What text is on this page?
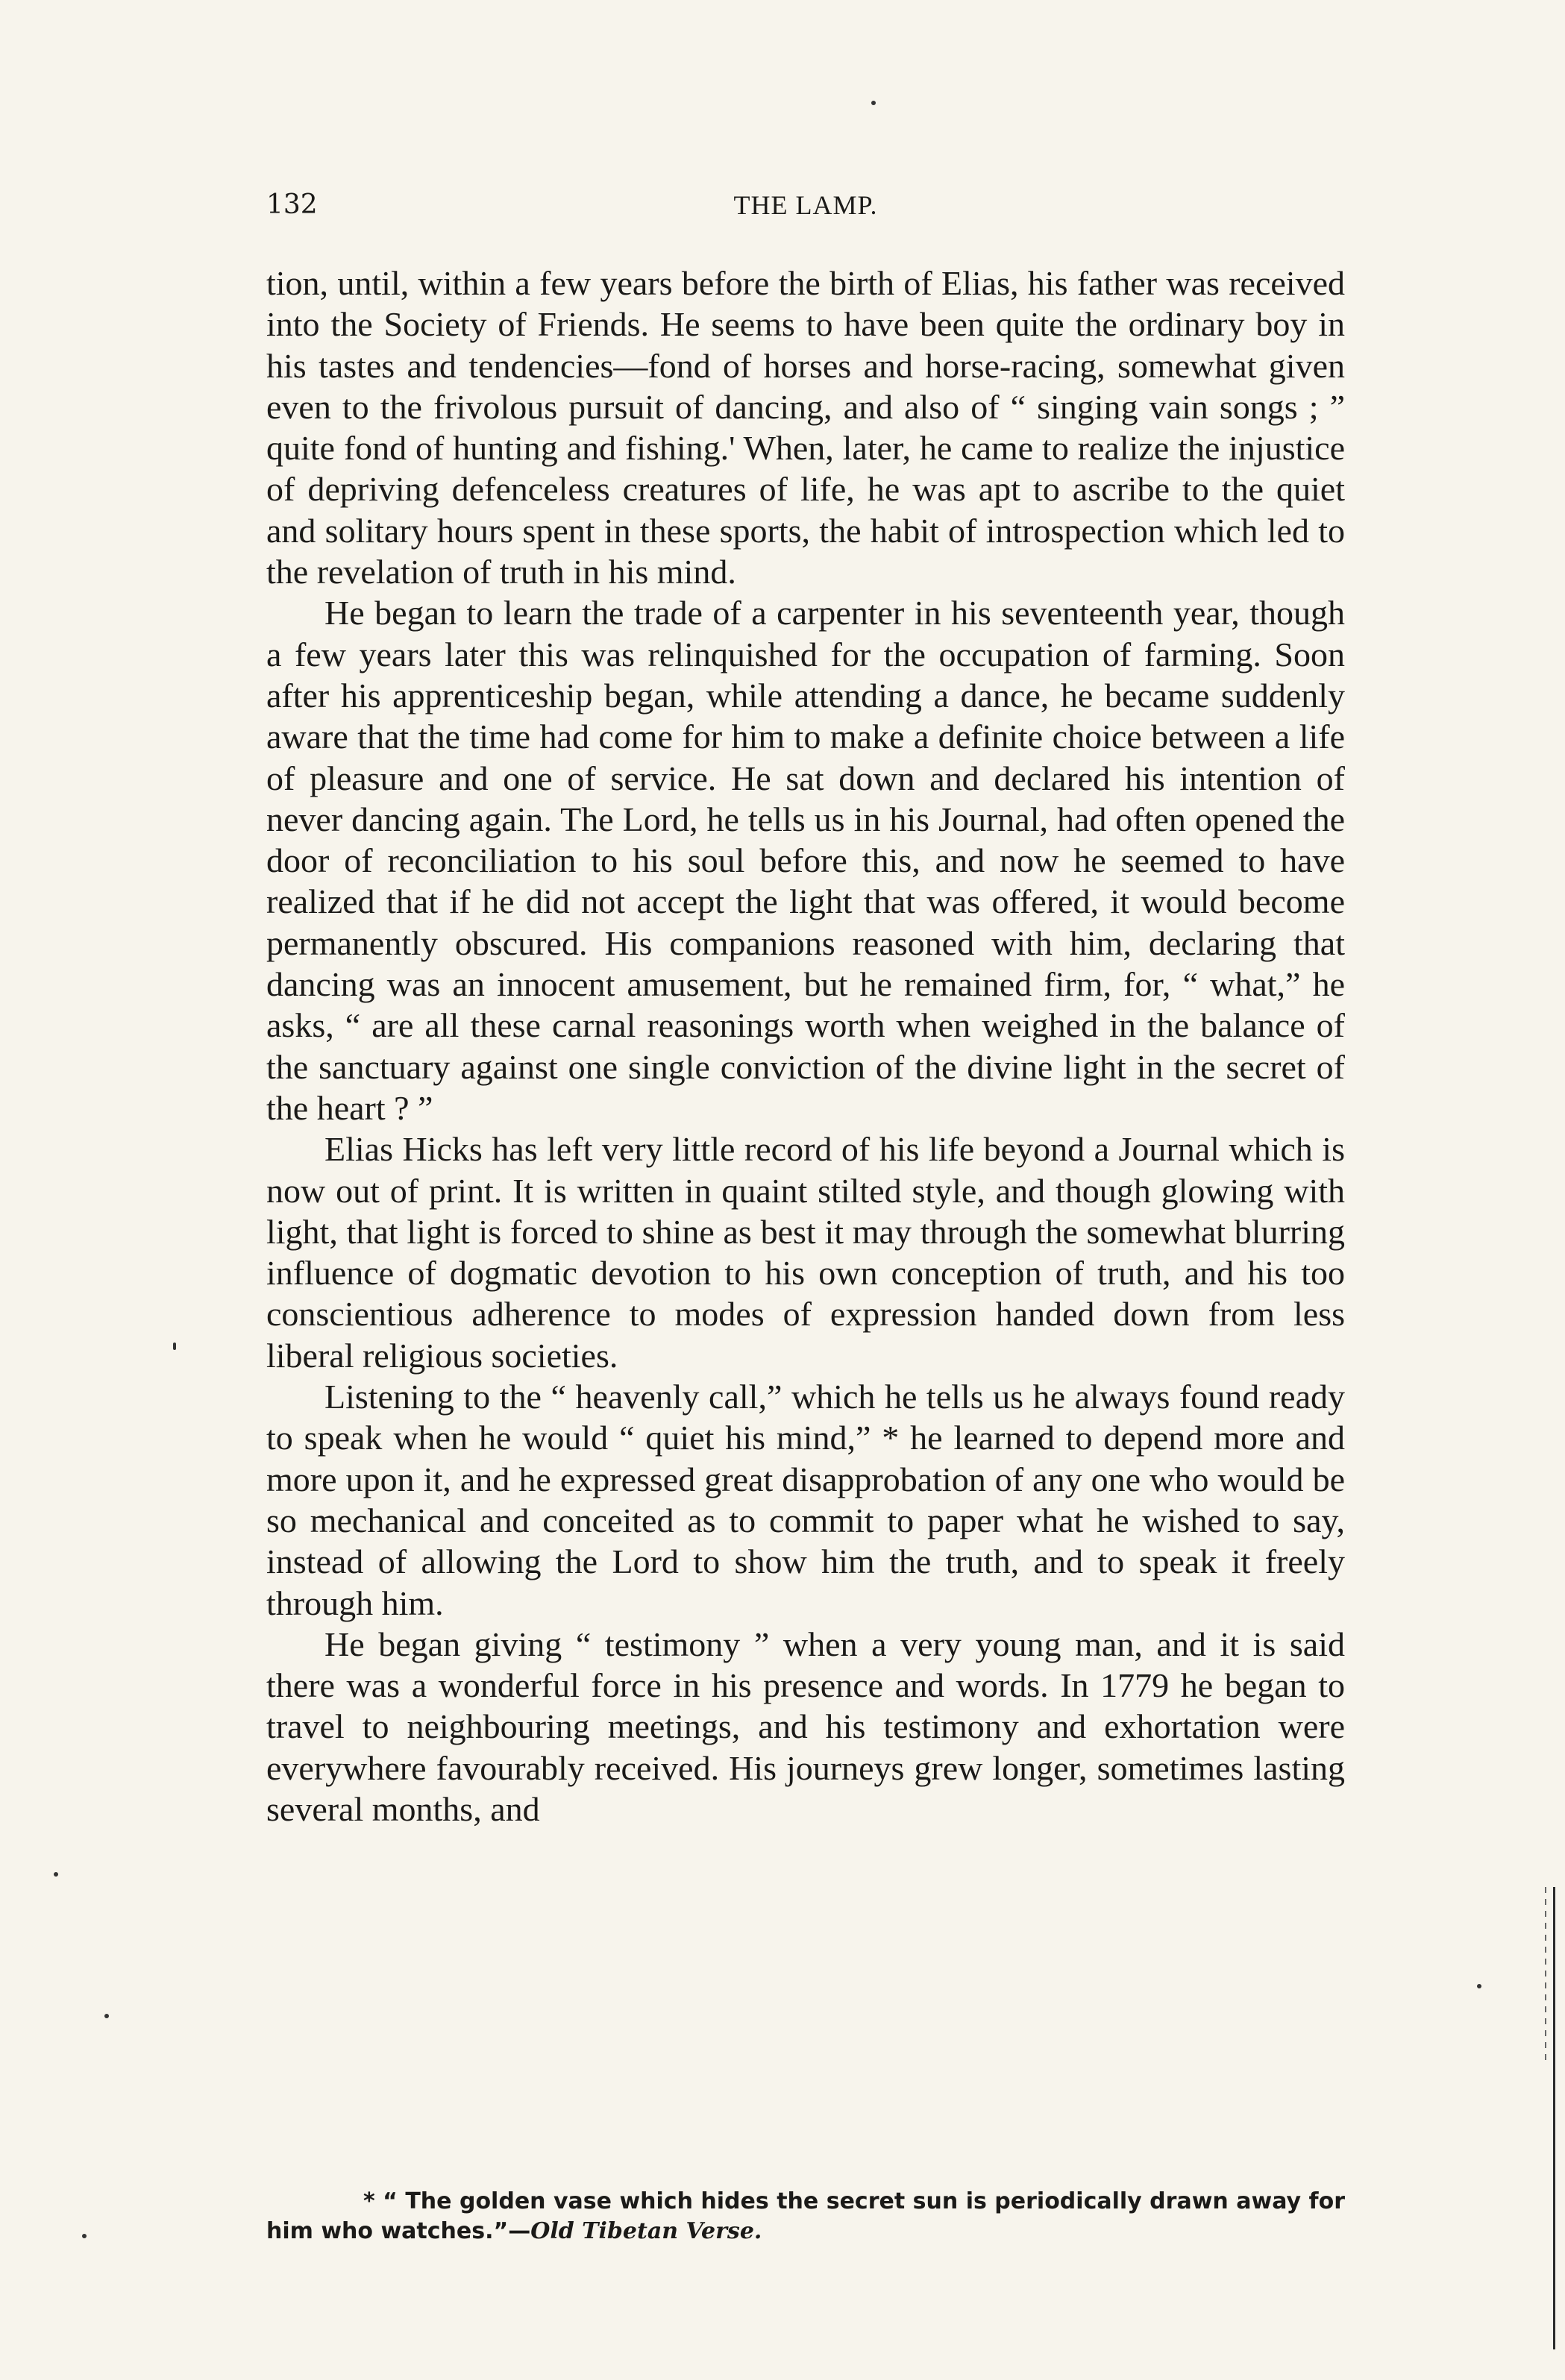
132	THE LAMP.

tion, until, within a few years before the birth of Elias, his father was received into the Society of Friends. He seems to have been quite the ordinary boy in his tastes and tendencies—fond of horses and horse-racing, somewhat given even to the frivolous pursuit of dancing, and also of “ singing vain songs ; ” quite fond of hunting and fishing.' When, later, he came to realize the injustice of depriving defenceless creatures of life, he was apt to ascribe to the quiet and solitary hours spent in these sports, the habit of introspection which led to the revelation of truth in his mind.

He began to learn the trade of a carpenter in his seventeenth year, though a few years later this was relinquished for the occupation of farming. Soon after his apprenticeship began, while attending a dance, he became suddenly aware that the time had come for him to make a definite choice between a life of pleasure and one of service. He sat down and declared his intention of never dancing again. The Lord, he tells us in his Journal, had often opened the door of reconciliation to his soul before this, and now he seemed to have realized that if he did not accept the light that was offered, it would become permanently obscured. His companions reasoned with him, declaring that dancing was an innocent amusement, but he remained firm, for, “ what,” he asks, “ are all these carnal reasonings worth when weighed in the balance of the sanctuary against one single conviction of the divine light in the secret of the heart ? ”

Elias Hicks has left very little record of his life beyond a Journal which is now out of print. It is written in quaint stilted style, and though glowing with light, that light is forced to shine as best it may through the somewhat blurring influence of dogmatic devotion to his own conception of truth, and his too conscientious adherence to modes of expression handed down from less liberal religious societies.

Listening to the “ heavenly call,” which he tells us he always found ready to speak when he would “ quiet his mind,” * he learned to depend more and more upon it, and he expressed great disapprobation of any one who would be so mechanical and conceited as to commit to paper what he wished to say, instead of allowing the Lord to show him the truth, and to speak it freely through him.

He began giving “ testimony ” when a very young man, and it is said there was a wonderful force in his presence and words. In 1779 he began to travel to neighbouring meetings, and his testimony and exhortation were everywhere favourably received. His journeys grew longer, sometimes lasting several months, and

* “ The golden vase which hides the secret sun is periodically drawn away for him who watches.”—Old Tibetan Verse.
